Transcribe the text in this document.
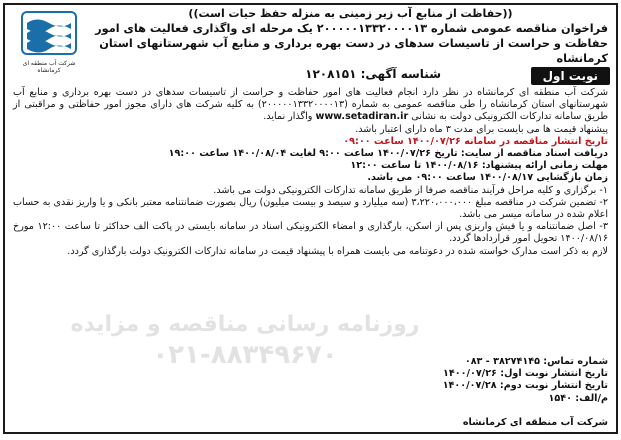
روزنامه رسانی مناقصه و مزایده
۰۲۱-۸۸۳۴۹۶۷۰
شرکت آب منطقه ای کرمانشاه
((حفاظت از منابع آب زیر زمینی به منزله حفظ حیات است))
فراخوان مناقصه عمومی شماره ۲۰۰۰۰۰۱۳۳۲۰۰۰۰۱۳ یک مرحله ای واگذاری فعالیت های امور حفاظت و حراست از تاسیسات سدهای در دست بهره برداری و منابع آب شهرستانهای استان کرمانشاه
شناسه آگهی: ۱۲۰۸۱۵۱	نوبت اول

شرکت آب منطقه ای کرمانشاه در نظر دارد انجام فعالیت های امور حفاظت و حراست از تاسیسات سدهای در دست بهره برداری و منابع آب شهرستانهای استان کرمانشاه را طی مناقصه عمومی به شماره (۲۰۰۰۰۰۱۳۳۲۰۰۰۰۱۳) به کلیه شرکت های دارای مجوز امور حفاظتی و مراقبتی از طریق سامانه تدارکات الکترونیکی دولت به نشانی www.setadiran.ir واگذار نماید.

پیشنهاد قیمت ها می بایست برای مدت ۳ ماه دارای اعتبار باشد.

تاریخ انتشار مناقصه در سامانه ۱۴۰۰/۰۷/۲۶ ساعت ۰۹:۰۰

دریافت اسناد مناقصه از سایت: تاریخ ۱۴۰۰/۰۷/۲۶ ساعت ۹:۰۰ لغایت ۱۴۰۰/۰۸/۰۴ ساعت ۱۹:۰۰

مهلت زمانی ارائه پیشنهاد: ۱۴۰۰/۰۸/۱۶ تا ساعت ۱۲:۰۰

زمان بازگشایی ۱۴۰۰/۰۸/۱۷ ساعت ۰۹:۰۰ می باشد.

۱- برگزاری و کلیه مراحل فرآیند مناقصه صرفا از طریق سامانه تدارکات الکترونیکی دولت می باشد.

۲- تضمین شرکت در مناقصه مبلغ ۳،۲۲۰،۰۰۰،۰۰۰ (سه میلیارد و سیصد و بیست میلیون) ریال بصورت ضمانتنامه معتبر بانکی و یا واریز نقدی به حساب اعلام شده در سامانه میسر می باشد.

۳- اصل ضمانتنامه و یا فیش واریزی پس از اسکن، بارگذاری و امضاء الکترونیکی اسناد در سامانه بایستی در پاکت الف حداکثر تا ساعت ۱۲:۰۰ مورخ ۱۴۰۰/۰۸/۱۶ تحویل امور قراردادها گردد.

لازم به ذکر است مدارک خواسته شده در دعوتنامه می بایست همراه با پیشنهاد قیمت در سامانه تدارکات الکترونیک دولت بارگذاری گردد.

شماره تماس: ۳۸۲۷۴۱۴۵ - ۰۸۳
تاریخ انتشار نوبت اول: ۱۴۰۰/۰۷/۲۶
تاریخ انتشار نوبت دوم: ۱۴۰۰/۰۷/۲۸
م/الف: ۱۵۴۰
شرکت آب منطقه ای کرمانشاه
